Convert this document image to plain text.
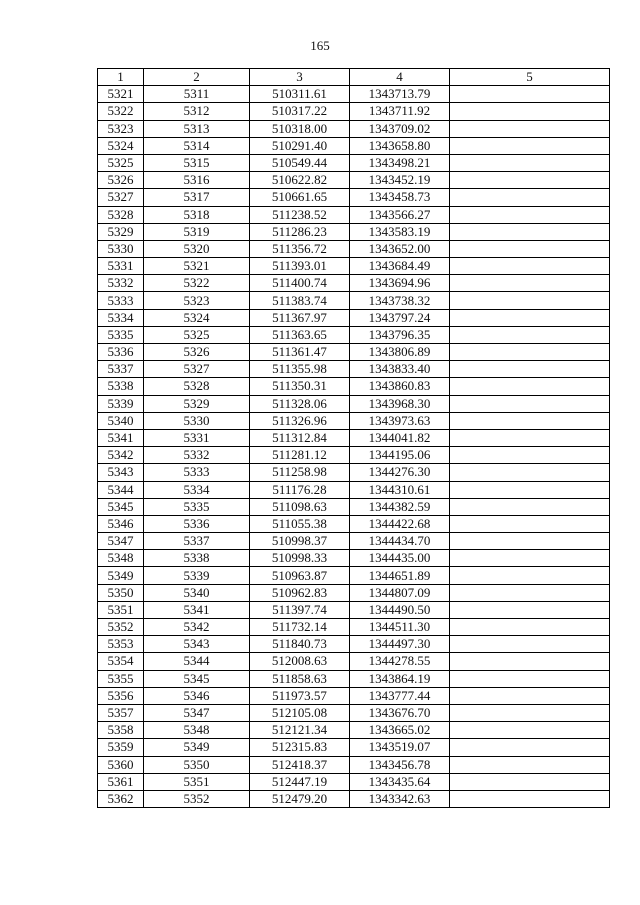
165
1	2	3	4	5
5321	5311	510311.61	1343713.79	
5322	5312	510317.22	1343711.92	
5323	5313	510318.00	1343709.02	
5324	5314	510291.40	1343658.80	
5325	5315	510549.44	1343498.21	
5326	5316	510622.82	1343452.19	
5327	5317	510661.65	1343458.73	
5328	5318	511238.52	1343566.27	
5329	5319	511286.23	1343583.19	
5330	5320	511356.72	1343652.00	
5331	5321	511393.01	1343684.49	
5332	5322	511400.74	1343694.96	
5333	5323	511383.74	1343738.32	
5334	5324	511367.97	1343797.24	
5335	5325	511363.65	1343796.35	
5336	5326	511361.47	1343806.89	
5337	5327	511355.98	1343833.40	
5338	5328	511350.31	1343860.83	
5339	5329	511328.06	1343968.30	
5340	5330	511326.96	1343973.63	
5341	5331	511312.84	1344041.82	
5342	5332	511281.12	1344195.06	
5343	5333	511258.98	1344276.30	
5344	5334	511176.28	1344310.61	
5345	5335	511098.63	1344382.59	
5346	5336	511055.38	1344422.68	
5347	5337	510998.37	1344434.70	
5348	5338	510998.33	1344435.00	
5349	5339	510963.87	1344651.89	
5350	5340	510962.83	1344807.09	
5351	5341	511397.74	1344490.50	
5352	5342	511732.14	1344511.30	
5353	5343	511840.73	1344497.30	
5354	5344	512008.63	1344278.55	
5355	5345	511858.63	1343864.19	
5356	5346	511973.57	1343777.44	
5357	5347	512105.08	1343676.70	
5358	5348	512121.34	1343665.02	
5359	5349	512315.83	1343519.07	
5360	5350	512418.37	1343456.78	
5361	5351	512447.19	1343435.64	
5362	5352	512479.20	1343342.63	
